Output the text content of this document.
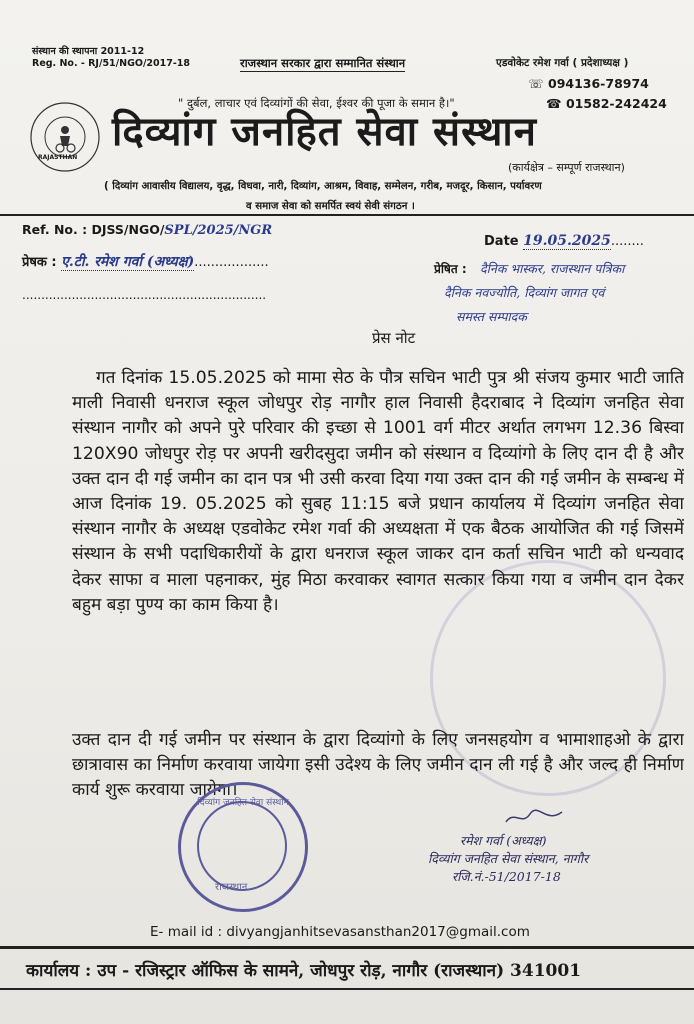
संस्थान की स्थापना 2011-12
Reg. No. - RJ/51/NGO/2017-18	राजस्थान सरकार द्वारा सम्मानित संस्थान	एडवोकेट रमेश गर्वा ( प्रदेशाध्यक्ष )
☏ 094136-78974
☎ 01582-242424
" दुर्बल, लाचार एवं दिव्यांगों की सेवा, ईश्वर की पूजा के समान है।"
RAJASTHAN
दिव्यांग जनहित सेवा संस्थान
(कार्यक्षेत्र – सम्पूर्ण राजस्थान)
( दिव्यांग आवासीय विद्यालय, वृद्ध, विधवा, नारी, दिव्यांग, आश्रम, विवाह, सम्मेलन, गरीब, मजदूर, किसान, पर्यावरण
व समाज सेवा को समर्पित स्वयं सेवी संगठन ।
Ref. No. : DJSS/NGO/SPL/2025/NGR
Date 19.05.2025........
प्रेषक : ए.टी. रमेश गर्वा (अध्यक्ष)..................	प्रेषित : दैनिक भास्कर, राजस्थान पत्रिका
दैनिक नवज्योति, दिव्यांग जागत एवं
समस्त सम्पादक
................................................................
प्रेस नोट

गत दिनांक 15.05.2025 को मामा सेठ के पौत्र सचिन भाटी पुत्र श्री संजय कुमार भाटी जाति माली निवासी धनराज स्कूल जोधपुर रोड़ नागौर हाल निवासी हैदराबाद ने दिव्यांग जनहित सेवा संस्थान नागौर को अपने पुरे परिवार की इच्छा से 1001 वर्ग मीटर अर्थात लगभग 12.36 बिस्वा 120X90 जोधपुर रोड़ पर अपनी खरीदसुदा जमीन को संस्थान व दिव्यांगो के लिए दान दी है और उक्त दान दी गई जमीन का दान पत्र भी उसी करवा दिया गया उक्त दान की गई जमीन के सम्बन्ध में आज दिनांक 19. 05.2025 को सुबह 11:15 बजे प्रधान कार्यालय में दिव्यांग जनहित सेवा संस्थान नागौर के अध्यक्ष एडवोकेट रमेश गर्वा की अध्यक्षता में एक बैठक आयोजित की गई जिसमें संस्थान के सभी पदाधिकारीयों के द्वारा धनराज स्कूल जाकर दान कर्ता सचिन भाटी को धन्यवाद देकर साफा व माला पहनाकर, मुंह मिठा करवाकर स्वागत सत्कार किया गया व जमीन दान देकर बहुम बड़ा पुण्य का काम किया है।

उक्त दान दी गई जमीन पर संस्थान के द्वारा दिव्यांगो के लिए जनसहयोग व भामाशाहओ के द्वारा छात्रावास का निर्माण करवाया जायेगा इसी उदेश्य के लिए जमीन दान ली गई है और जल्द ही निर्माण कार्य शुरू करवाया जायेगा।

दिव्यांग जनहित सेवा संस्थान
राजस्थान
रमेश गर्वा (अध्यक्ष)
दिव्यांग जनहित सेवा संस्थान, नागौर
रजि.नं.-51/2017-18
E- mail id : divyangjanhitsevasansthan2017@gmail.com
कार्यालय : उप - रजिस्ट्रार ऑफिस के सामने, जोधपुर रोड़, नागौर (राजस्थान) 341001
